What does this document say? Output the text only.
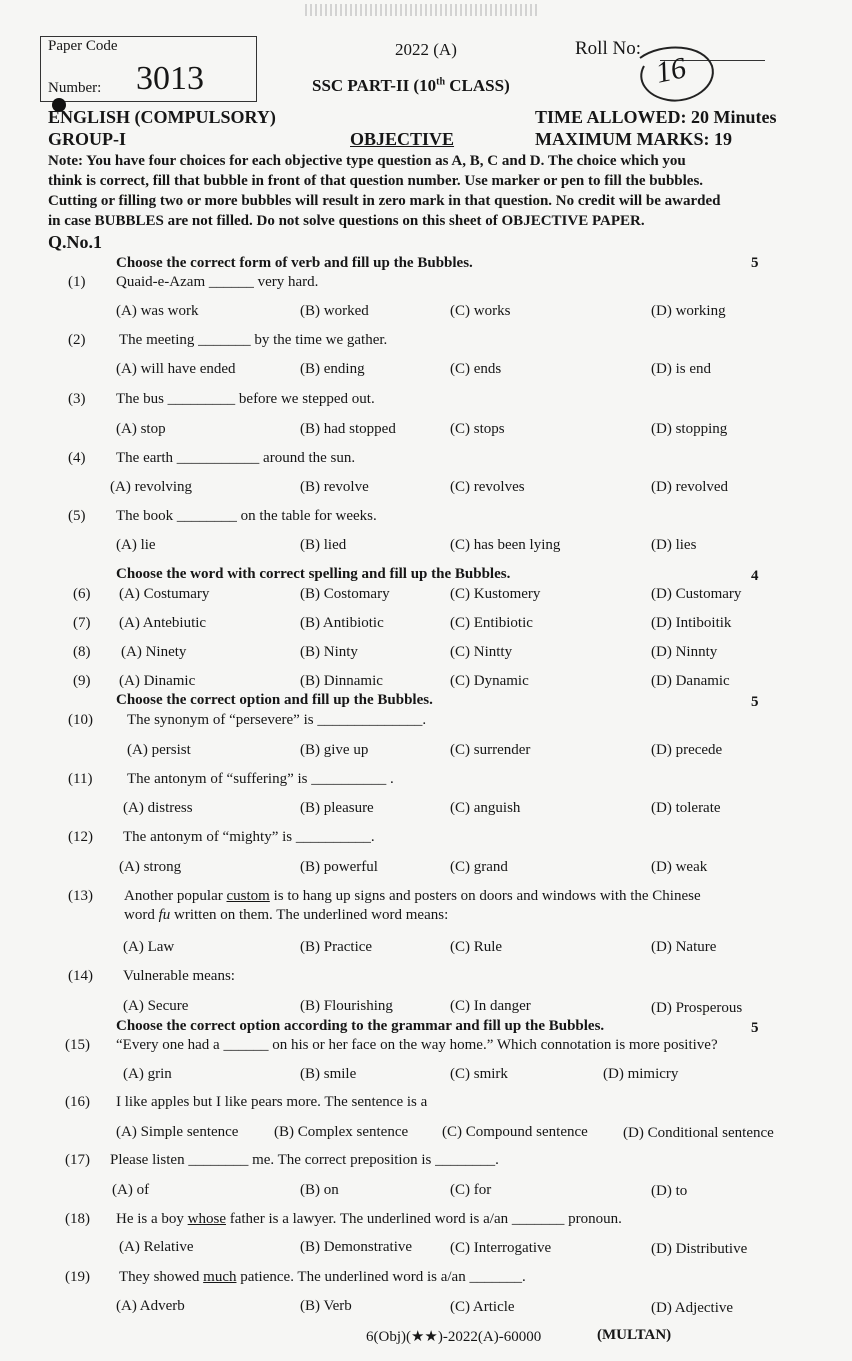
Paper Code
Number: 3013
2022 (A)	Roll No:
16
SSC PART-II (10th CLASS)
ENGLISH (COMPULSORY)	TIME ALLOWED: 20 Minutes
GROUP-I	OBJECTIVE	MAXIMUM MARKS: 19
Note: You have four choices for each objective type question as A, B, C and D. The choice which you
think is correct, fill that bubble in front of that question number. Use marker or pen to fill the bubbles.
Cutting or filling two or more bubbles will result in zero mark in that question. No credit will be awarded
in case BUBBLES are not filled. Do not solve questions on this sheet of OBJECTIVE PAPER.
Q.No.1
Choose the correct form of verb and fill up the Bubbles.	5
(1) Quaid-e-Azam ______ very hard.
(A) was work	(B) worked	(C) works	(D) working
(2) The meeting _______ by the time we gather.
(A) will have ended	(B) ending	(C) ends	(D) is end
(3) The bus _________ before we stepped out.
(A) stop	(B) had stopped	(C) stops	(D) stopping
(4) The earth ___________ around the sun.
(A) revolving	(B) revolve	(C) revolves	(D) revolved
(5) The book ________ on the table for weeks.
(A) lie	(B) lied	(C) has been lying	(D) lies
Choose the word with correct spelling and fill up the Bubbles.	4
(6) (A) Costumary	(B) Costomary	(C) Kustomery	(D) Customary
(7) (A) Antebiutic	(B) Antibiotic	(C) Entibiotic	(D) Intiboitik
(8) (A) Ninety	(B) Ninty	(C) Nintty	(D) Ninnty
(9) (A) Dinamic	(B) Dinnamic	(C) Dynamic	(D) Danamic
Choose the correct option and fill up the Bubbles.	5
(10) The synonym of “persevere” is ______________.
(A) persist	(B) give up	(C) surrender	(D) precede
(11) The antonym of “suffering” is __________ .
(A) distress	(B) pleasure	(C) anguish	(D) tolerate
(12) The antonym of “mighty” is __________.
(A) strong	(B) powerful	(C) grand	(D) weak
(13) Another popular custom is to hang up signs and posters on doors and windows with the Chinese
word fu written on them. The underlined word means:
(A) Law	(B) Practice	(C) Rule	(D) Nature
(14) Vulnerable means:
(A) Secure	(B) Flourishing	(C) In danger	(D) Prosperous
Choose the correct option according to the grammar and fill up the Bubbles.	5
(15) “Every one had a ______ on his or her face on the way home.” Which connotation is more positive?
(A) grin	(B) smile	(C) smirk	(D) mimicry
(16) I like apples but I like pears more. The sentence is a
(A) Simple sentence (B) Complex sentence (C) Compound sentence (D) Conditional sentence
(17) Please listen ________ me. The correct preposition is ________.
(A) of	(B) on	(C) for	(D) to
(18) He is a boy whose father is a lawyer. The underlined word is a/an _______ pronoun.
(A) Relative	(B) Demonstrative	(C) Interrogative	(D) Distributive
(19) They showed much patience. The underlined word is a/an _______.
(A) Adverb	(B) Verb	(C) Article	(D) Adjective
6(Obj)(★★)-2022(A)-60000	(MULTAN)
